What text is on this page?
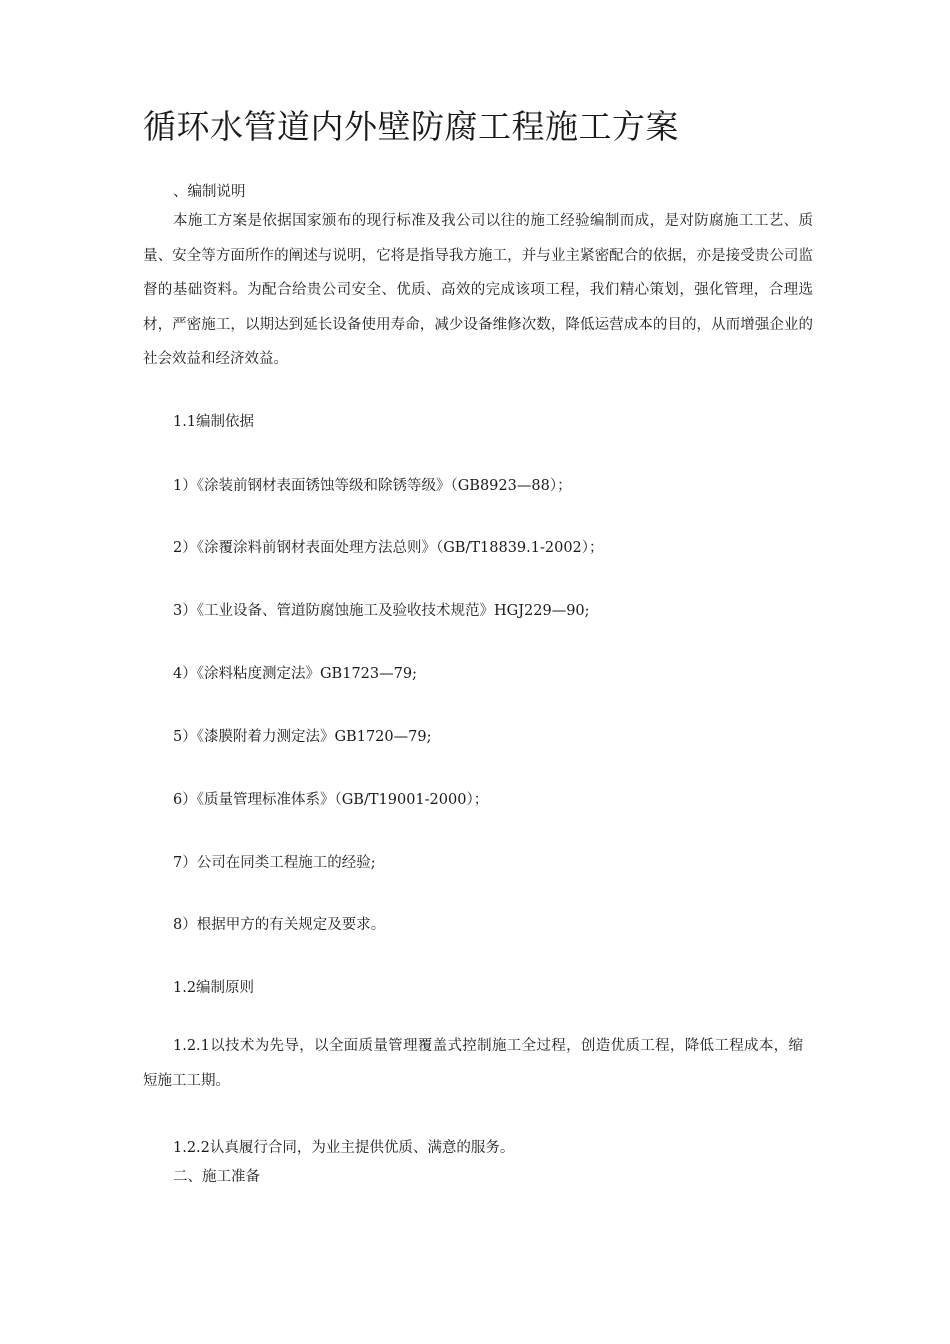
循环水管道内外壁防腐工程施工方案
、编制说明

本施工方案是依据国家颁布的现行标准及我公司以往的施工经验编制而成，是对防腐施工工艺、质量、安全等方面所作的阐述与说明，它将是指导我方施工，并与业主紧密配合的依据，亦是接受贵公司监督的基础资料。为配合给贵公司安全、优质、高效的完成该项工程，我们精心策划，强化管理，合理选材，严密施工，以期达到延长设备使用寿命，减少设备维修次数，降低运营成本的目的，从而增强企业的社会效益和经济效益。

1.1编制依据
1）《涂装前钢材表面锈蚀等级和除锈等级》（GB8923—88）；
2）《涂覆涂料前钢材表面处理方法总则》（GB/T18839.1-2002）；
3）《工业设备、管道防腐蚀施工及验收技术规范》HGJ229—90;
4）《涂料粘度测定法》GB1723—79;
5）《漆膜附着力测定法》GB1720—79;
6）《质量管理标准体系》（GB/T19001-2000）；
7）公司在同类工程施工的经验;
8）根据甲方的有关规定及要求。
1.2编制原则

1.2.1以技术为先导，以全面质量管理覆盖式控制施工全过程，创造优质工程，降低工程成本，缩短施工工期。

1.2.2认真履行合同，为业主提供优质、满意的服务。
二、施工准备
